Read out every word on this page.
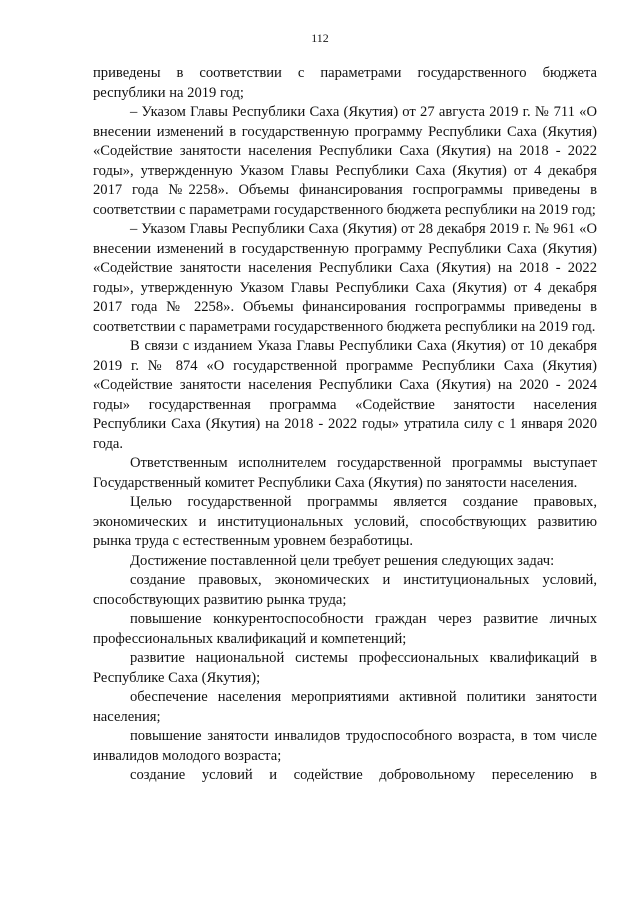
112

приведены в соответствии с параметрами государственного бюджета республики на 2019 год;

– Указом Главы Республики Саха (Якутия) от 27 августа 2019 г. № 711 «О внесении изменений в государственную программу Республики Саха (Якутия) «Содействие занятости населения Республики Саха (Якутия) на 2018 - 2022 годы», утвержденную Указом Главы Республики Саха (Якутия) от 4 декабря 2017 года №2258». Объемы финансирования госпрограммы приведены в соответствии с параметрами государственного бюджета республики на 2019 год;

– Указом Главы Республики Саха (Якутия) от 28 декабря 2019 г. № 961 «О внесении изменений в государственную программу Республики Саха (Якутия) «Содействие занятости населения Республики Саха (Якутия) на 2018 - 2022 годы», утвержденную Указом Главы Республики Саха (Якутия) от 4 декабря 2017 года № 2258». Объемы финансирования госпрограммы приведены в соответствии с параметрами государственного бюджета республики на 2019 год.

В связи с изданием Указа Главы Республики Саха (Якутия) от 10 декабря 2019 г. № 874 «О государственной программе Республики Саха (Якутия) «Содействие занятости населения Республики Саха (Якутия) на 2020 - 2024 годы» государственная программа «Содействие занятости населения Республики Саха (Якутия) на 2018 - 2022 годы» утратила силу с 1 января 2020 года.

Ответственным исполнителем государственной программы выступает Государственный комитет Республики Саха (Якутия) по занятости населения.

Целью государственной программы является создание правовых, экономических и институциональных условий, способствующих развитию рынка труда с естественным уровнем безработицы.

Достижение поставленной цели требует решения следующих задач:

создание правовых, экономических и институциональных условий, способствующих развитию рынка труда;

повышение конкурентоспособности граждан через развитие личных профессиональных квалификаций и компетенций;

развитие национальной системы профессиональных квалификаций в Республике Саха (Якутия);

обеспечение населения мероприятиями активной политики занятости населения;

повышение занятости инвалидов трудоспособного возраста, в том числе инвалидов молодого возраста;

создание условий и содействие добровольному переселению в
